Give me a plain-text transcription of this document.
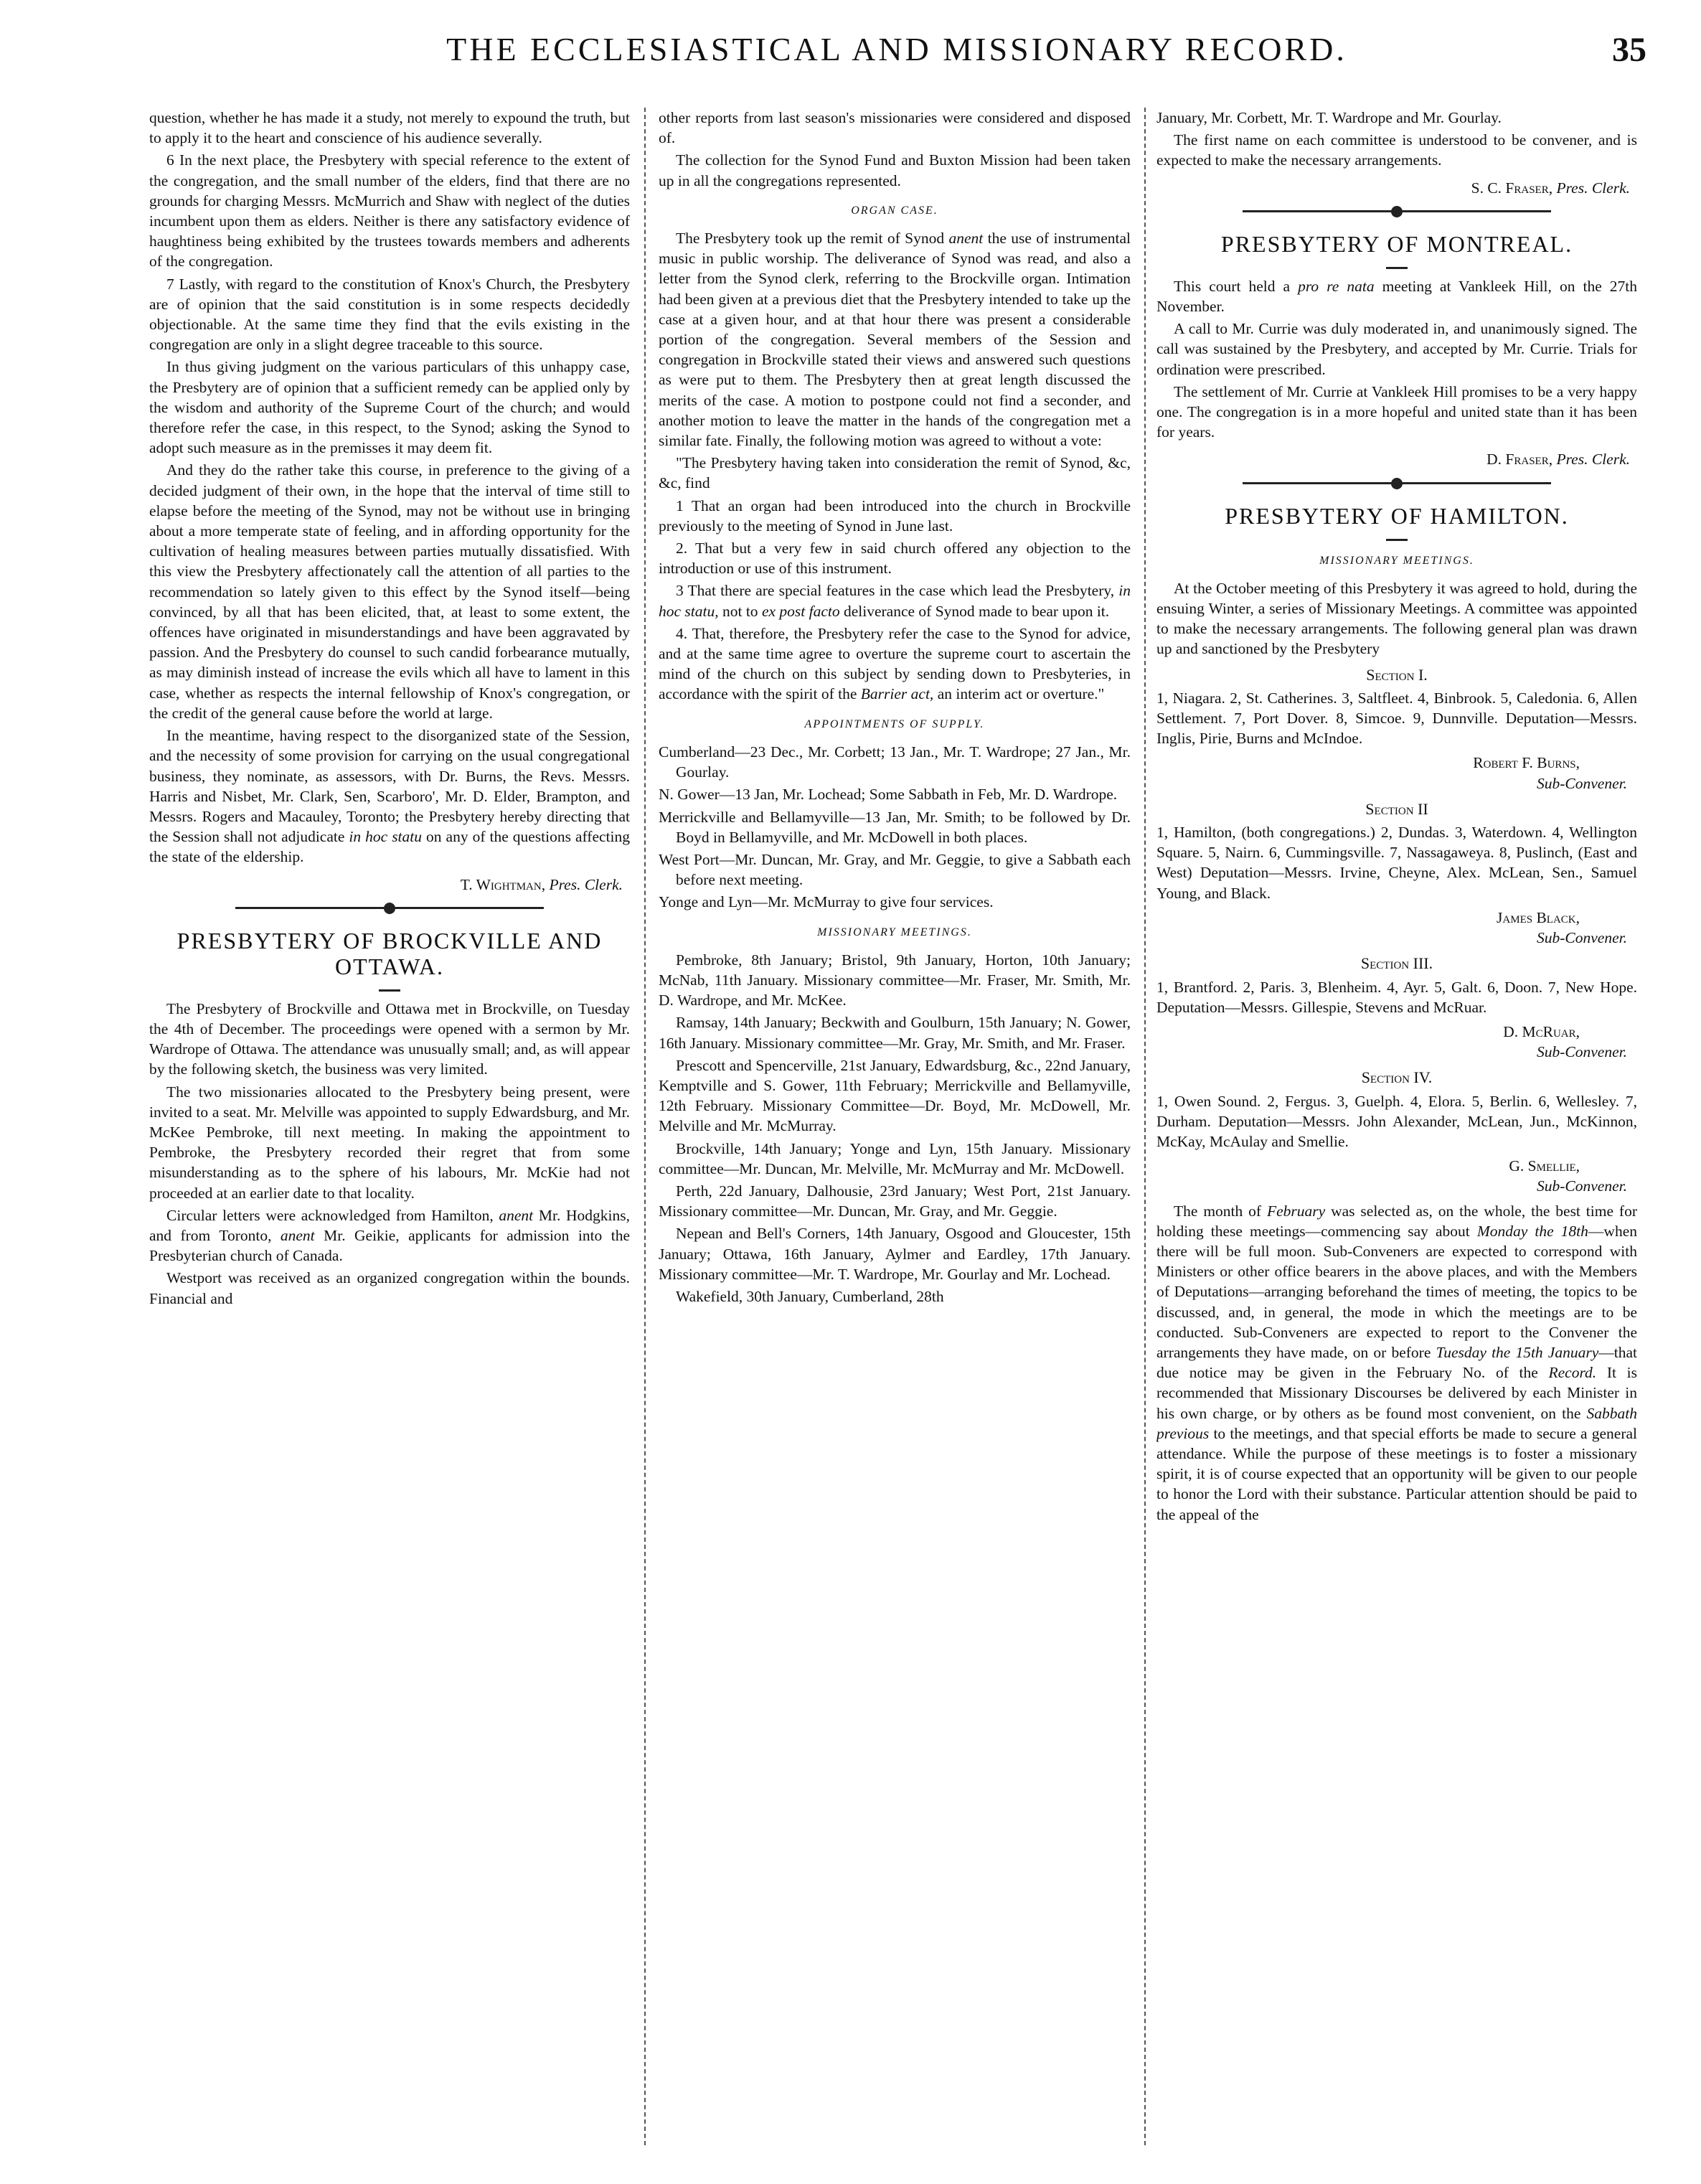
THE ECCLESIASTICAL AND MISSIONARY RECORD.	35

question, whether he has made it a study, not merely to expound the truth, but to apply it to the heart and conscience of his audience severally.

6 In the next place, the Presbytery with special reference to the extent of the congregation, and the small number of the elders, find that there are no grounds for charging Messrs. McMurrich and Shaw with neglect of the duties incumbent upon them as elders. Neither is there any satisfactory evidence of haughtiness being exhibited by the trustees towards members and adherents of the congregation.

7 Lastly, with regard to the constitution of Knox's Church, the Presbytery are of opinion that the said constitution is in some respects decidedly objectionable. At the same time they find that the evils existing in the congregation are only in a slight degree traceable to this source.

In thus giving judgment on the various particulars of this unhappy case, the Presbytery are of opinion that a sufficient remedy can be applied only by the wisdom and authority of the Supreme Court of the church; and would therefore refer the case, in this respect, to the Synod; asking the Synod to adopt such measure as in the premisses it may deem fit.

And they do the rather take this course, in preference to the giving of a decided judgment of their own, in the hope that the interval of time still to elapse before the meeting of the Synod, may not be without use in bringing about a more temperate state of feeling, and in affording opportunity for the cultivation of healing measures between parties mutually dissatisfied. With this view the Presbytery affectionately call the attention of all parties to the recommendation so lately given to this effect by the Synod itself—being convinced, by all that has been elicited, that, at least to some extent, the offences have originated in misunderstandings and have been aggravated by passion. And the Presbytery do counsel to such candid forbearance mutually, as may diminish instead of increase the evils which all have to lament in this case, whether as respects the internal fellowship of Knox's congregation, or the credit of the general cause before the world at large.

In the meantime, having respect to the disorganized state of the Session, and the necessity of some provision for carrying on the usual congregational business, they nominate, as assessors, with Dr. Burns, the Revs. Messrs. Harris and Nisbet, Mr. Clark, Sen, Scarboro', Mr. D. Elder, Brampton, and Messrs. Rogers and Macauley, Toronto; the Presbytery hereby directing that the Session shall not adjudicate in hoc statu on any of the questions affecting the state of the eldership.

T. Wightman, Pres. Clerk.

PRESBYTERY OF BROCKVILLE AND OTTAWA.

The Presbytery of Brockville and Ottawa met in Brockville, on Tuesday the 4th of December. The proceedings were opened with a sermon by Mr. Wardrope of Ottawa. The attendance was unusually small; and, as will appear by the following sketch, the business was very limited.

The two missionaries allocated to the Presbytery being present, were invited to a seat. Mr. Melville was appointed to supply Edwardsburg, and Mr. McKee Pembroke, till next meeting. In making the appointment to Pembroke, the Presbytery recorded their regret that from some misunderstanding as to the sphere of his labours, Mr. McKie had not proceeded at an earlier date to that locality.

Circular letters were acknowledged from Hamilton, anent Mr. Hodgkins, and from Toronto, anent Mr. Geikie, applicants for admission into the Presbyterian church of Canada.

Westport was received as an organized congregation within the bounds. Financial and

other reports from last season's missionaries were considered and disposed of.

The collection for the Synod Fund and Buxton Mission had been taken up in all the congregations represented.

ORGAN CASE.

The Presbytery took up the remit of Synod anent the use of instrumental music in public worship. The deliverance of Synod was read, and also a letter from the Synod clerk, referring to the Brockville organ. Intimation had been given at a previous diet that the Presbytery intended to take up the case at a given hour, and at that hour there was present a considerable portion of the congregation. Several members of the Session and congregation in Brockville stated their views and answered such questions as were put to them. The Presbytery then at great length discussed the merits of the case. A motion to postpone could not find a seconder, and another motion to leave the matter in the hands of the congregation met a similar fate. Finally, the following motion was agreed to without a vote:

"The Presbytery having taken into consideration the remit of Synod, &c, &c, find

1 That an organ had been introduced into the church in Brockville previously to the meeting of Synod in June last.

2. That but a very few in said church offered any objection to the introduction or use of this instrument.

3 That there are special features in the case which lead the Presbytery, in hoc statu, not to ex post facto deliverance of Synod made to bear upon it.

4. That, therefore, the Presbytery refer the case to the Synod for advice, and at the same time agree to overture the supreme court to ascertain the mind of the church on this subject by sending down to Presbyteries, in accordance with the spirit of the Barrier act, an interim act or overture."

APPOINTMENTS OF SUPPLY.

Cumberland—23 Dec., Mr. Corbett; 13 Jan., Mr. T. Wardrope; 27 Jan., Mr. Gourlay.

N. Gower—13 Jan, Mr. Lochead; Some Sabbath in Feb, Mr. D. Wardrope.

Merrickville and Bellamyville—13 Jan, Mr. Smith; to be followed by Dr. Boyd in Bellamyville, and Mr. McDowell in both places.

West Port—Mr. Duncan, Mr. Gray, and Mr. Geggie, to give a Sabbath each before next meeting.

Yonge and Lyn—Mr. McMurray to give four services.

MISSIONARY MEETINGS.

Pembroke, 8th January; Bristol, 9th January, Horton, 10th January; McNab, 11th January. Missionary committee—Mr. Fraser, Mr. Smith, Mr. D. Wardrope, and Mr. McKee.

Ramsay, 14th January; Beckwith and Goulburn, 15th January; N. Gower, 16th January. Missionary committee—Mr. Gray, Mr. Smith, and Mr. Fraser.

Prescott and Spencerville, 21st January, Edwardsburg, &c., 22nd January, Kemptville and S. Gower, 11th February; Merrickville and Bellamyville, 12th February. Missionary Committee—Dr. Boyd, Mr. McDowell, Mr. Melville and Mr. McMurray.

Brockville, 14th January; Yonge and Lyn, 15th January. Missionary committee—Mr. Duncan, Mr. Melville, Mr. McMurray and Mr. McDowell.

Perth, 22d January, Dalhousie, 23rd January; West Port, 21st January. Missionary committee—Mr. Duncan, Mr. Gray, and Mr. Geggie.

Nepean and Bell's Corners, 14th January, Osgood and Gloucester, 15th January; Ottawa, 16th January, Aylmer and Eardley, 17th January. Missionary committee—Mr. T. Wardrope, Mr. Gourlay and Mr. Lochead.

Wakefield, 30th January, Cumberland, 28th

January, Mr. Corbett, Mr. T. Wardrope and Mr. Gourlay.

The first name on each committee is understood to be convener, and is expected to make the necessary arrangements.

S. C. Fraser, Pres. Clerk.

PRESBYTERY OF MONTREAL.

This court held a pro re nata meeting at Vankleek Hill, on the 27th November.

A call to Mr. Currie was duly moderated in, and unanimously signed. The call was sustained by the Presbytery, and accepted by Mr. Currie. Trials for ordination were prescribed.

The settlement of Mr. Currie at Vankleek Hill promises to be a very happy one. The congregation is in a more hopeful and united state than it has been for years.

D. Fraser, Pres. Clerk.

PRESBYTERY OF HAMILTON.
MISSIONARY MEETINGS.

At the October meeting of this Presbytery it was agreed to hold, during the ensuing Winter, a series of Missionary Meetings. A committee was appointed to make the necessary arrangements. The following general plan was drawn up and sanctioned by the Presbytery

Section I.

1, Niagara. 2, St. Catherines. 3, Saltfleet. 4, Binbrook. 5, Caledonia. 6, Allen Settlement. 7, Port Dover. 8, Simcoe. 9, Dunnville. Deputation—Messrs. Inglis, Pirie, Burns and McIndoe.

Robert F. Burns,

Sub-Convener.

Section II

1, Hamilton, (both congregations.) 2, Dundas. 3, Waterdown. 4, Wellington Square. 5, Nairn. 6, Cummingsville. 7, Nassagaweya. 8, Puslinch, (East and West) Deputation—Messrs. Irvine, Cheyne, Alex. McLean, Sen., Samuel Young, and Black.

James Black,

Sub-Convener.

Section III.

1, Brantford. 2, Paris. 3, Blenheim. 4, Ayr. 5, Galt. 6, Doon. 7, New Hope. Deputation—Messrs. Gillespie, Stevens and McRuar.

D. McRuar,

Sub-Convener.

Section IV.

1, Owen Sound. 2, Fergus. 3, Guelph. 4, Elora. 5, Berlin. 6, Wellesley. 7, Durham. Deputation—Messrs. John Alexander, McLean, Jun., McKinnon, McKay, McAulay and Smellie.

G. Smellie,

Sub-Convener.

The month of February was selected as, on the whole, the best time for holding these meetings—commencing say about Monday the 18th—when there will be full moon. Sub-Conveners are expected to correspond with Ministers or other office bearers in the above places, and with the Members of Deputations—arranging beforehand the times of meeting, the topics to be discussed, and, in general, the mode in which the meetings are to be conducted. Sub-Conveners are expected to report to the Convener the arrangements they have made, on or before Tuesday the 15th January—that due notice may be given in the February No. of the Record. It is recommended that Missionary Discourses be delivered by each Minister in his own charge, or by others as be found most convenient, on the Sabbath previous to the meetings, and that special efforts be made to secure a general attendance. While the purpose of these meetings is to foster a missionary spirit, it is of course expected that an opportunity will be given to our people to honor the Lord with their substance. Particular attention should be paid to the appeal of the
